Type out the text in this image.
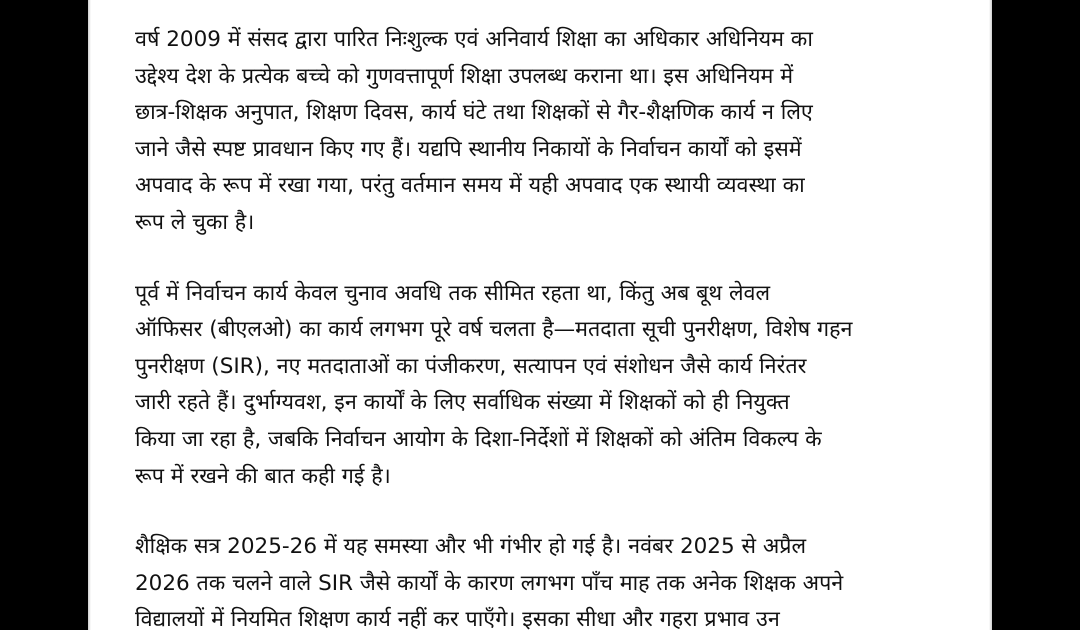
वर्ष 2009 में संसद द्वारा पारित निःशुल्क एवं अनिवार्य शिक्षा का अधिकार अधिनियम का
उद्देश्य देश के प्रत्येक बच्चे को गुणवत्तापूर्ण शिक्षा उपलब्ध कराना था। इस अधिनियम में
छात्र-शिक्षक अनुपात, शिक्षण दिवस, कार्य घंटे तथा शिक्षकों से गैर-शैक्षणिक कार्य न लिए
जाने जैसे स्पष्ट प्रावधान किए गए हैं। यद्यपि स्थानीय निकायों के निर्वाचन कार्यों को इसमें
अपवाद के रूप में रखा गया, परंतु वर्तमान समय में यही अपवाद एक स्थायी व्यवस्था का
रूप ले चुका है।
पूर्व में निर्वाचन कार्य केवल चुनाव अवधि तक सीमित रहता था, किंतु अब बूथ लेवल
ऑफिसर (बीएलओ) का कार्य लगभग पूरे वर्ष चलता है—मतदाता सूची पुनरीक्षण, विशेष गहन
पुनरीक्षण (SIR), नए मतदाताओं का पंजीकरण, सत्यापन एवं संशोधन जैसे कार्य निरंतर
जारी रहते हैं। दुर्भाग्यवश, इन कार्यों के लिए सर्वाधिक संख्या में शिक्षकों को ही नियुक्त
किया जा रहा है, जबकि निर्वाचन आयोग के दिशा-निर्देशों में शिक्षकों को अंतिम विकल्प के
रूप में रखने की बात कही गई है।
शैक्षिक सत्र 2025-26 में यह समस्या और भी गंभीर हो गई है। नवंबर 2025 से अप्रैल
2026 तक चलने वाले SIR जैसे कार्यों के कारण लगभग पाँच माह तक अनेक शिक्षक अपने
विद्यालयों में नियमित शिक्षण कार्य नहीं कर पाएँगे। इसका सीधा और गहरा प्रभाव उन
